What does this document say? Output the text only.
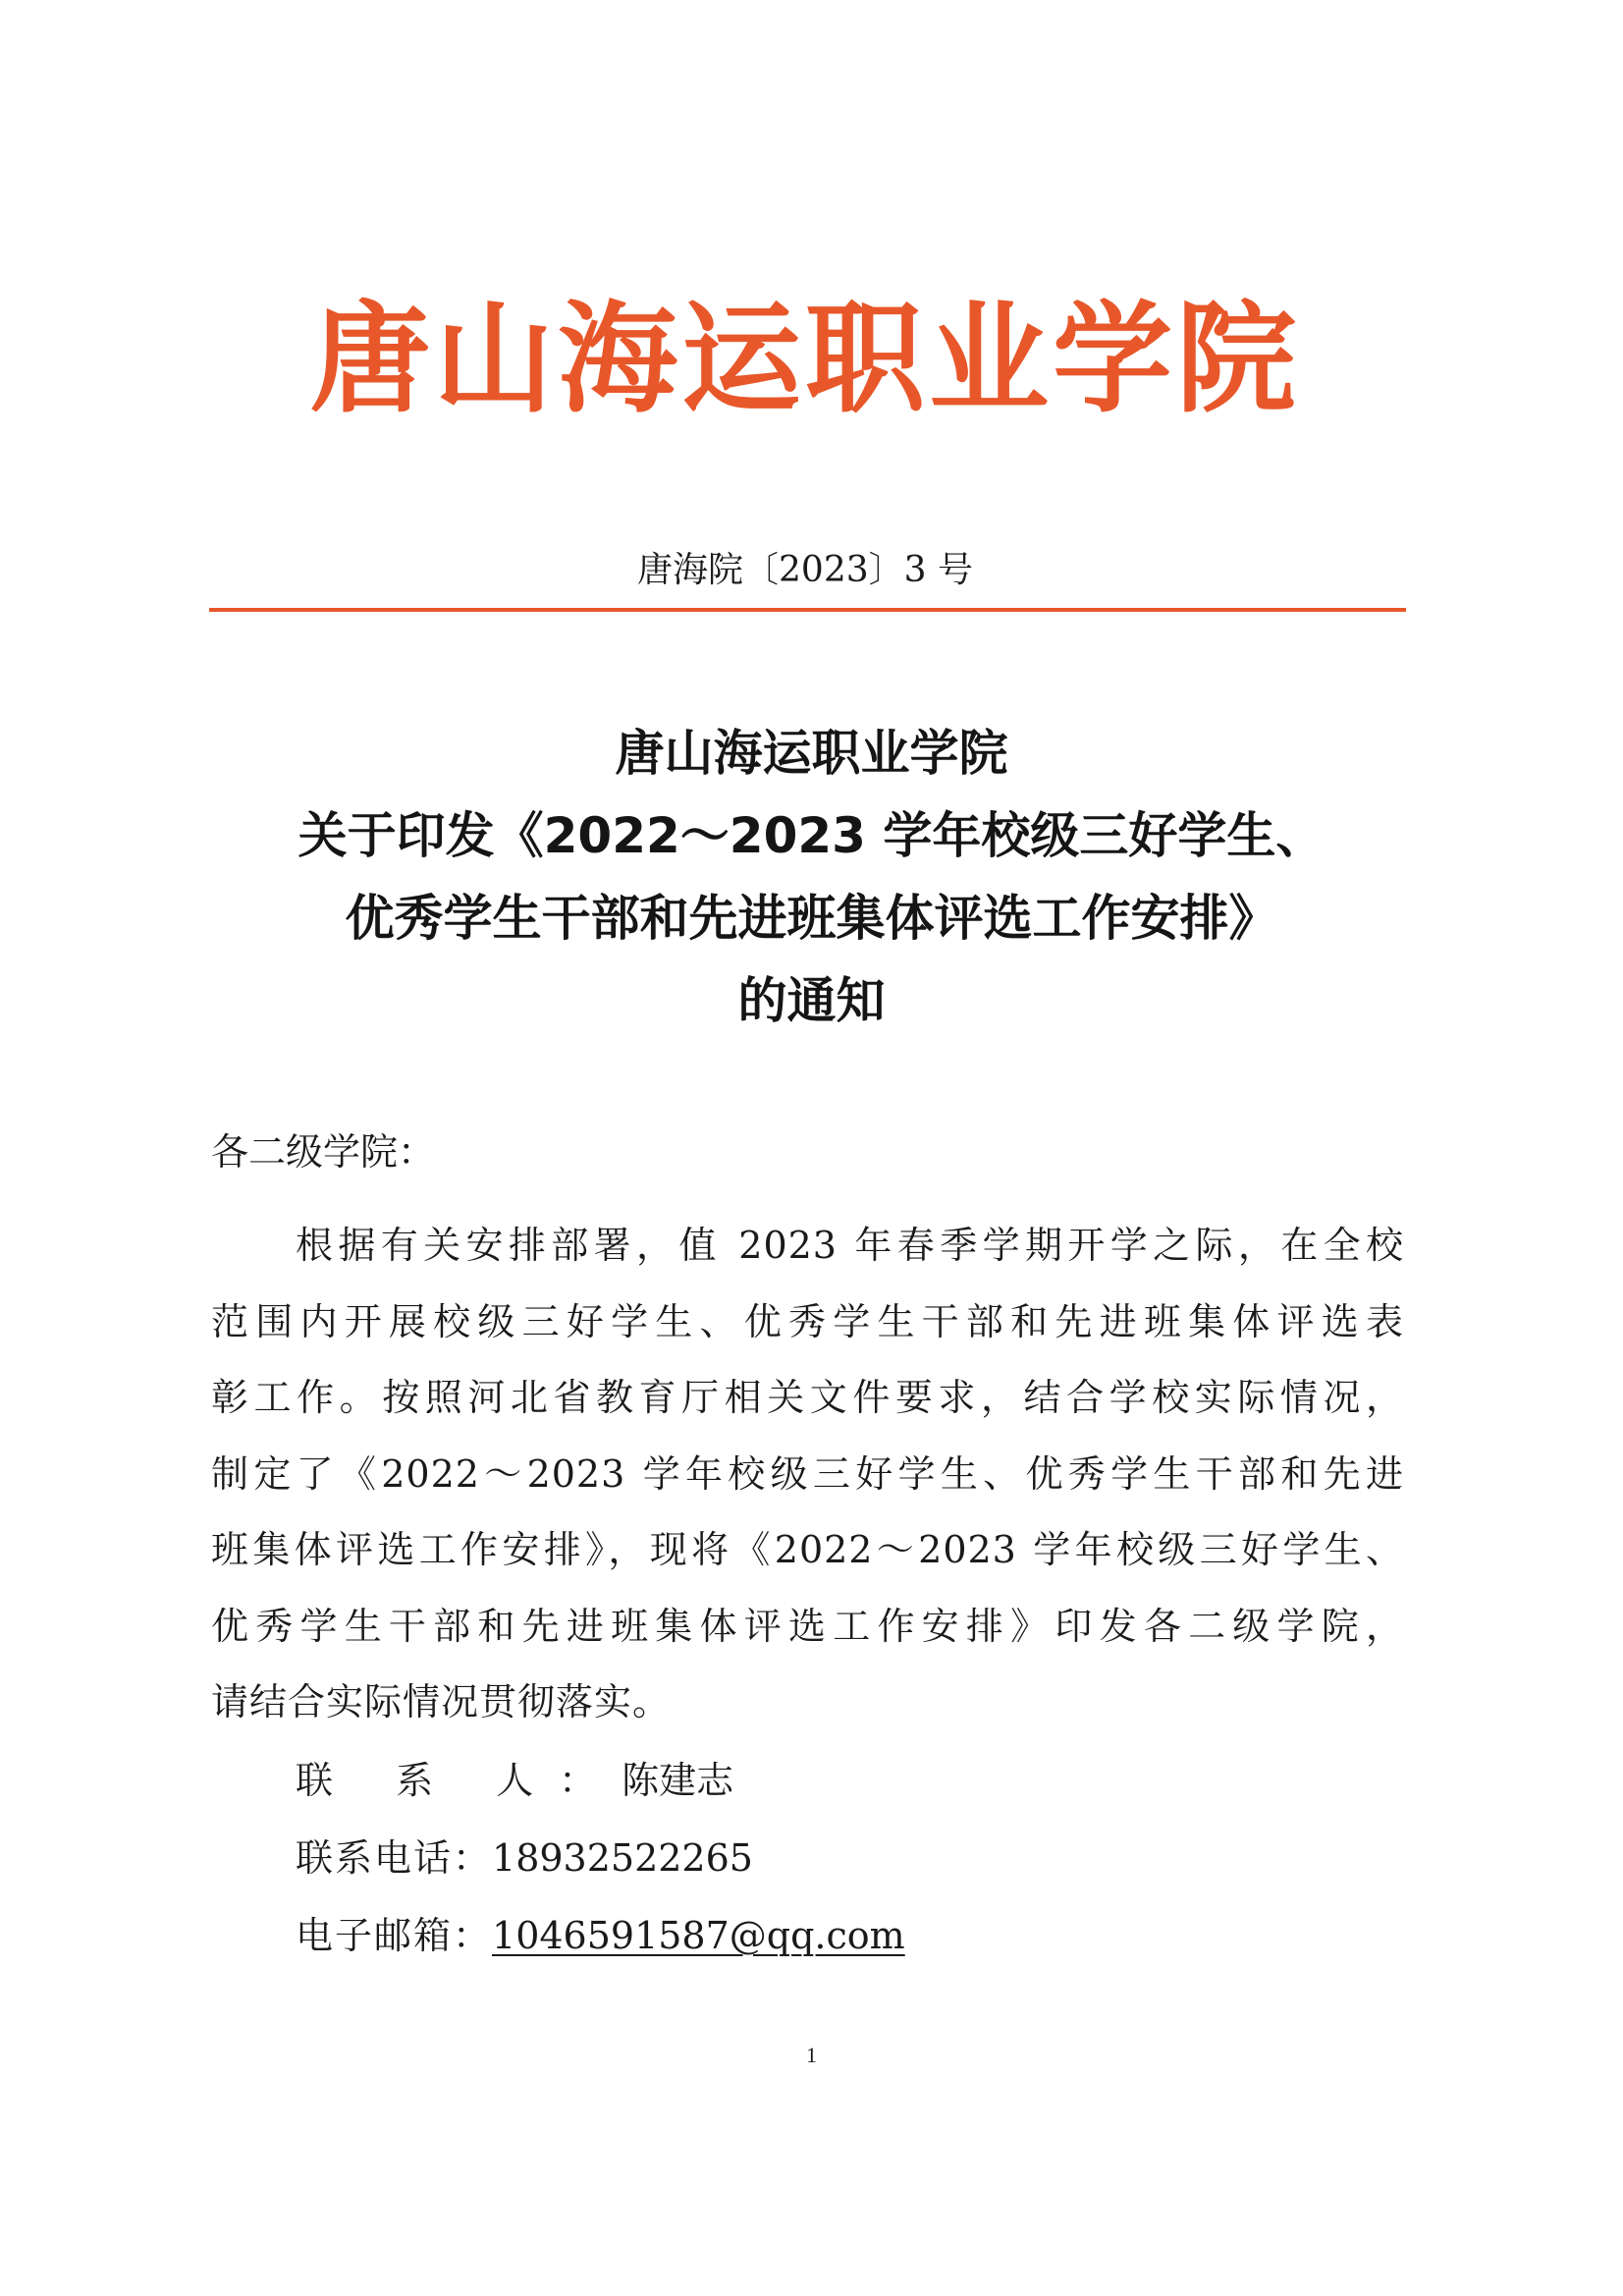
唐山海运职业学院
唐海院〔2023〕3 号
唐山海运职业学院
关于印发《2022～2023 学年校级三好学生、
优秀学生干部和先进班集体评选工作安排》
的通知
各二级学院：
根据有关安排部署，值 2023 年春季学期开学之际，在全校
范围内开展校级三好学生、优秀学生干部和先进班集体评选表
彰工作。按照河北省教育厅相关文件要求，结合学校实际情况，
制定了《2022～2023 学年校级三好学生、优秀学生干部和先进
班集体评选工作安排》，现将《2022～2023 学年校级三好学生、
优秀学生干部和先进班集体评选工作安排》印发各二级学院，
请结合实际情况贯彻落实。
联 系 人：陈建志
联系电话：18932522265
电子邮箱：1046591587@qq.com
1
